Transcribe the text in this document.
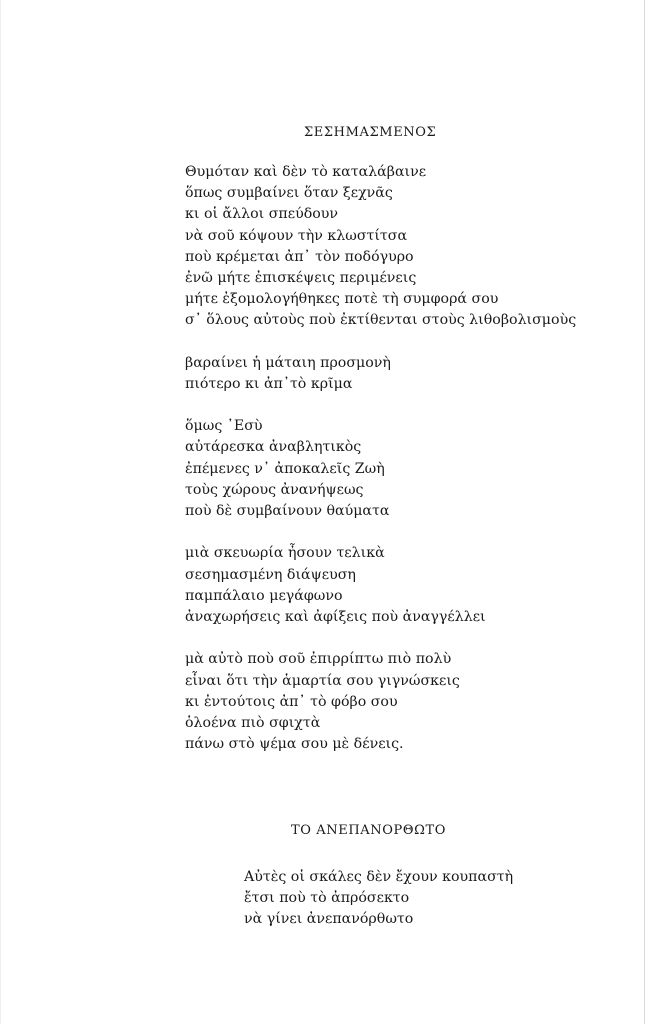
ΣΕΣΗΜΑΣΜΕΝΟΣ
Θυμόταν καὶ δὲν τὸ καταλάβαινε
ὅπως συμβαίνει ὅταν ξεχνᾶς
κι οἱ ἄλλοι σπεύδουν
νὰ σοῦ κόψουν τὴν κλωστίτσα
ποὺ κρέμεται ἀπ᾽ τὸν ποδόγυρο
ἐνῶ μήτε ἐπισκέψεις περιμένεις
μήτε ἐξομολογήθηκες ποτὲ τὴ συμφορά σου
σ᾽ ὅλους αὐτοὺς ποὺ ἐκτίθενται στοὺς λιθοβολισμοὺς
βαραίνει ἡ μάταιη προσμονὴ
πιότερο κι ἀπ᾽τὸ κρῖμα
ὅμως ᾽Εσὺ
αὐτάρεσκα ἀναβλητικὸς
ἐπέμενες ν᾽ ἀποκαλεῖς Ζωὴ
τοὺς χώρους ἀνανήψεως
ποὺ δὲ συμβαίνουν θαύματα
μιὰ σκευωρία ἦσουν τελικὰ
σεσημασμένη διάψευση
παμπάλαιο μεγάφωνο
ἀναχωρήσεις καὶ ἀφίξεις ποὺ ἀναγγέλλει
μὰ αὐτὸ ποὺ σοῦ ἐπιρρίπτω πιὸ πολὺ
εἶναι ὅτι τὴν ἁμαρτία σου γιγνώσκεις
κι ἐντούτοις ἀπ᾽ τὸ φόβο σου
ὁλοένα πιὸ σφιχτὰ
πάνω στὸ ψέμα σου μὲ δένεις.
ΤΟ ΑΝΕΠΑΝΟΡΘΩΤΟ
Αὐτὲς οἱ σκάλες δὲν ἔχουν κουπαστὴ
ἔτσι ποὺ τὸ ἀπρόσεκτο
νὰ γίνει ἀνεπανόρθωτο
